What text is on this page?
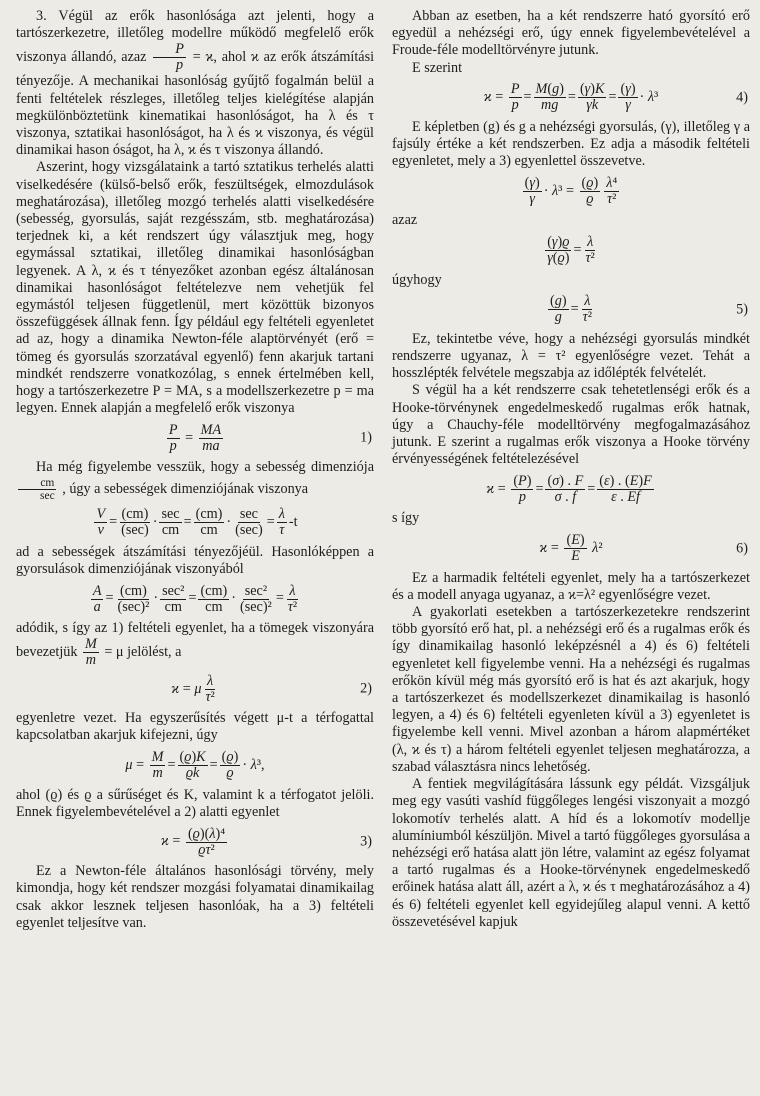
3. Végül az erők hasonlósága azt jelenti, hogy a tartószerkezetre, illetőleg modellre működő megfelelő erők viszonya állandó, azaz $\frac{P}{p} = ϰ$, ahol ϰ az erők átszámítási tényezője. A mechanikai hasonlóság gyűjtő fogalmán belül a fenti feltételek részleges, illetőleg teljes kielégítése alapján megkülönböztetünk kinematikai hasonlóságot, ha λ és τ viszonya, sztatikai hasonlóságot, ha λ és ϰ viszonya, és végül dinamikai hason óságot, ha λ, ϰ és τ viszonya állandó.

Aszerint, hogy vizsgálataink a tartó sztatikus terhelés alatti viselkedésére (külső-belső erők, feszültségek, elmozdulások meghatározása), illetőleg mozgó terhelés alatti viselkedésére (sebesség, gyorsulás, saját rezgésszám, stb. meghatározása) terjednek ki, a két rendszert úgy választjuk meg, hogy egymással sztatikai, illetőleg dinamikai hasonlóságban legyenek. A λ, ϰ és τ tényezőket azonban egész általánosan dinamikai hasonlóságot feltételezve nem vehetjük fel egymástól teljesen függetlenül, mert közöttük bizonyos összefüggések állnak fenn. Így például egy feltételi egyenletet ad az, hogy a dinamika Newton-féle alaptörvényét (erő = tömeg és gyorsulás szorzatával egyenlő) fenn akarjuk tartani mindkét rendszerre vonatkozólag, s ennek értelmében kell, hogy a tartószerkezetre P = MA, s a modellszerkezetre p = ma legyen. Ennek alapján a megfelelő erők viszonya

$\frac{P}{p} = \frac{MA}{ma}$	1)

Ha még figyelembe vesszük, hogy a sebesség dimenziója
$\frac{cm}{\sec}$ , úgy a sebességek dimenziójának viszonya

$\frac{V}{v} = \frac{(cm)}{(\sec)} \cdot \frac{\sec}{cm} = \frac{(cm)}{cm} \cdot \frac{\sec}{(\sec)} = \frac{\lambda}{\tau} -t$

ad a sebességek átszámítási tényezőjéül. Hasonlóképpen a gyorsulások dimenziójának viszonyából

$\frac{A}{a} = \frac{(cm)}{\text{(sec)²}} \cdot \frac{\text{sec²}}{cm} = \frac{(cm)}{cm} \cdot \frac{\text{sec²}}{\text{(sec)²}} = \frac{\lambda}{\text{τ²}}$

adódik, s így az 1) feltételi egyenlet, ha a tömegek viszonyára bevezetjük $\frac{M}{m} = \mu$ jelölést, a

ϰ = μ $\frac{\lambda}{\text{τ²}}$	2)

egyenletre vezet. Ha egyszerűsítés végett μ-t a térfogattal kapcsolatban akarjuk kifejezni, úgy

$\mu = \frac{M}{m} = \frac{(ϱ)K}{ϱk} = \frac{(ϱ)}{ϱ} \cdot \lambda$ ³,

ahol (ϱ) és ϱ a sűrűséget és K, valamint k a térfogatot jelöli. Ennek figyelembevételével a 2) alatti egyenlet

$ϰ = \frac{\text{(ϱ)(λ)⁴}}{\text{ϱτ²}}$	3)

Ez a Newton-féle általános hasonlósági törvény, mely kimondja, hogy két rendszer mozgási folyamatai dinamikailag csak akkor lesznek teljesen hasonlóak, ha a 3) feltételi egyenlet teljesítve van.

Abban az esetben, ha a két rendszerre ható gyorsító erő egyedül a nehézségi erő, úgy ennek figyelembevételével a Froude-féle modelltörvényre jutunk.

E szerint

$ϰ = \frac{P}{p} = \frac{M(g)}{mg} = \frac{(\gamma)K}{\gamma k} = \frac{(\gamma)}{\gamma} \cdot \lambda$ ³	4)

E képletben (g) és g a nehézségi gyorsulás, (γ), illetőleg γ a fajsúly értéke a két rendszerben. Ez adja a második feltételi egyenletet, mely a 3) egyenlettel összevetve.

$\frac{(\gamma)}{\gamma} \cdot \lambda$ $^3 = \frac{(ϱ)}{ϱ} \frac{\text{λ⁴}}{\text{τ²}}$

azaz

$\frac{(\gamma)ϱ}{\gamma(ϱ)} = \frac{\lambda}{\text{τ²}}$

úgyhogy

$\frac{(g)}{g} = \frac{\lambda}{\text{τ²}}$	5)

Ez, tekintetbe véve, hogy a nehézségi gyorsulás mindkét rendszerre ugyanaz, λ = τ² egyenlőségre vezet. Tehát a hosszlépték felvétele megszabja az időlépték felvételét.

S végül ha a két rendszerre csak tehetetlenségi erők és a Hooke-törvénynek engedelmeskedő rugalmas erők hatnak, úgy a Chauchy-féle modelltörvény megfogalmazásához jutunk. E szerint a rugalmas erők viszonya a Hooke törvény érvényességének feltételezésével

$ϰ = \frac{(P)}{p} = \frac{(\sigma) . F}{\sigma . f} = \frac{(\varepsilon) . (E)F}{\varepsilon . Ef}$

s így

$ϰ = \frac{(E)}{E}$
λ ²	6)

Ez a harmadik feltételi egyenlet, mely ha a tartószerkezet és a modell anyaga ugyanaz, a ϰ=λ² egyenlőségre vezet.

A gyakorlati esetekben a tartószerkezetekre rendszerint több gyorsító erő hat, pl. a nehézségi erő és a rugalmas erők és így dinamikailag hasonló leképzésnél a 4) és 6) feltételi egyenletet kell figyelembe venni. Ha a nehézségi és rugalmas erőkön kívül még más gyorsító erő is hat és azt akarjuk, hogy a tartószerkezet és modellszerkezet dinamikailag is hasonló legyen, a 4) és 6) feltételi egyenleten kívül a 3) egyenletet is figyelembe kell venni. Mivel azonban a három alapmértéket (λ, ϰ és τ) a három feltételi egyenlet teljesen meghatározza, a szabad választásra nincs lehetőség.

A fentiek megvilágítására lássunk egy példát. Vizsgáljuk meg egy vasúti vashíd függőleges lengési viszonyait a mozgó lokomotív terhelés alatt. A híd és a lokomotív modellje alumíniumból készüljön. Mivel a tartó függőleges gyorsulása a nehézségi erő hatása alatt jön létre, valamint az egész folyamat a tartó rugalmas és a Hooke-törvénynek engedelmeskedő erőinek hatása alatt áll, azért a λ, ϰ és τ meghatározásához a 4) és 6) feltételi egyenlet kell egyidejűleg alapul venni. A kettő összevetésével kapjuk
